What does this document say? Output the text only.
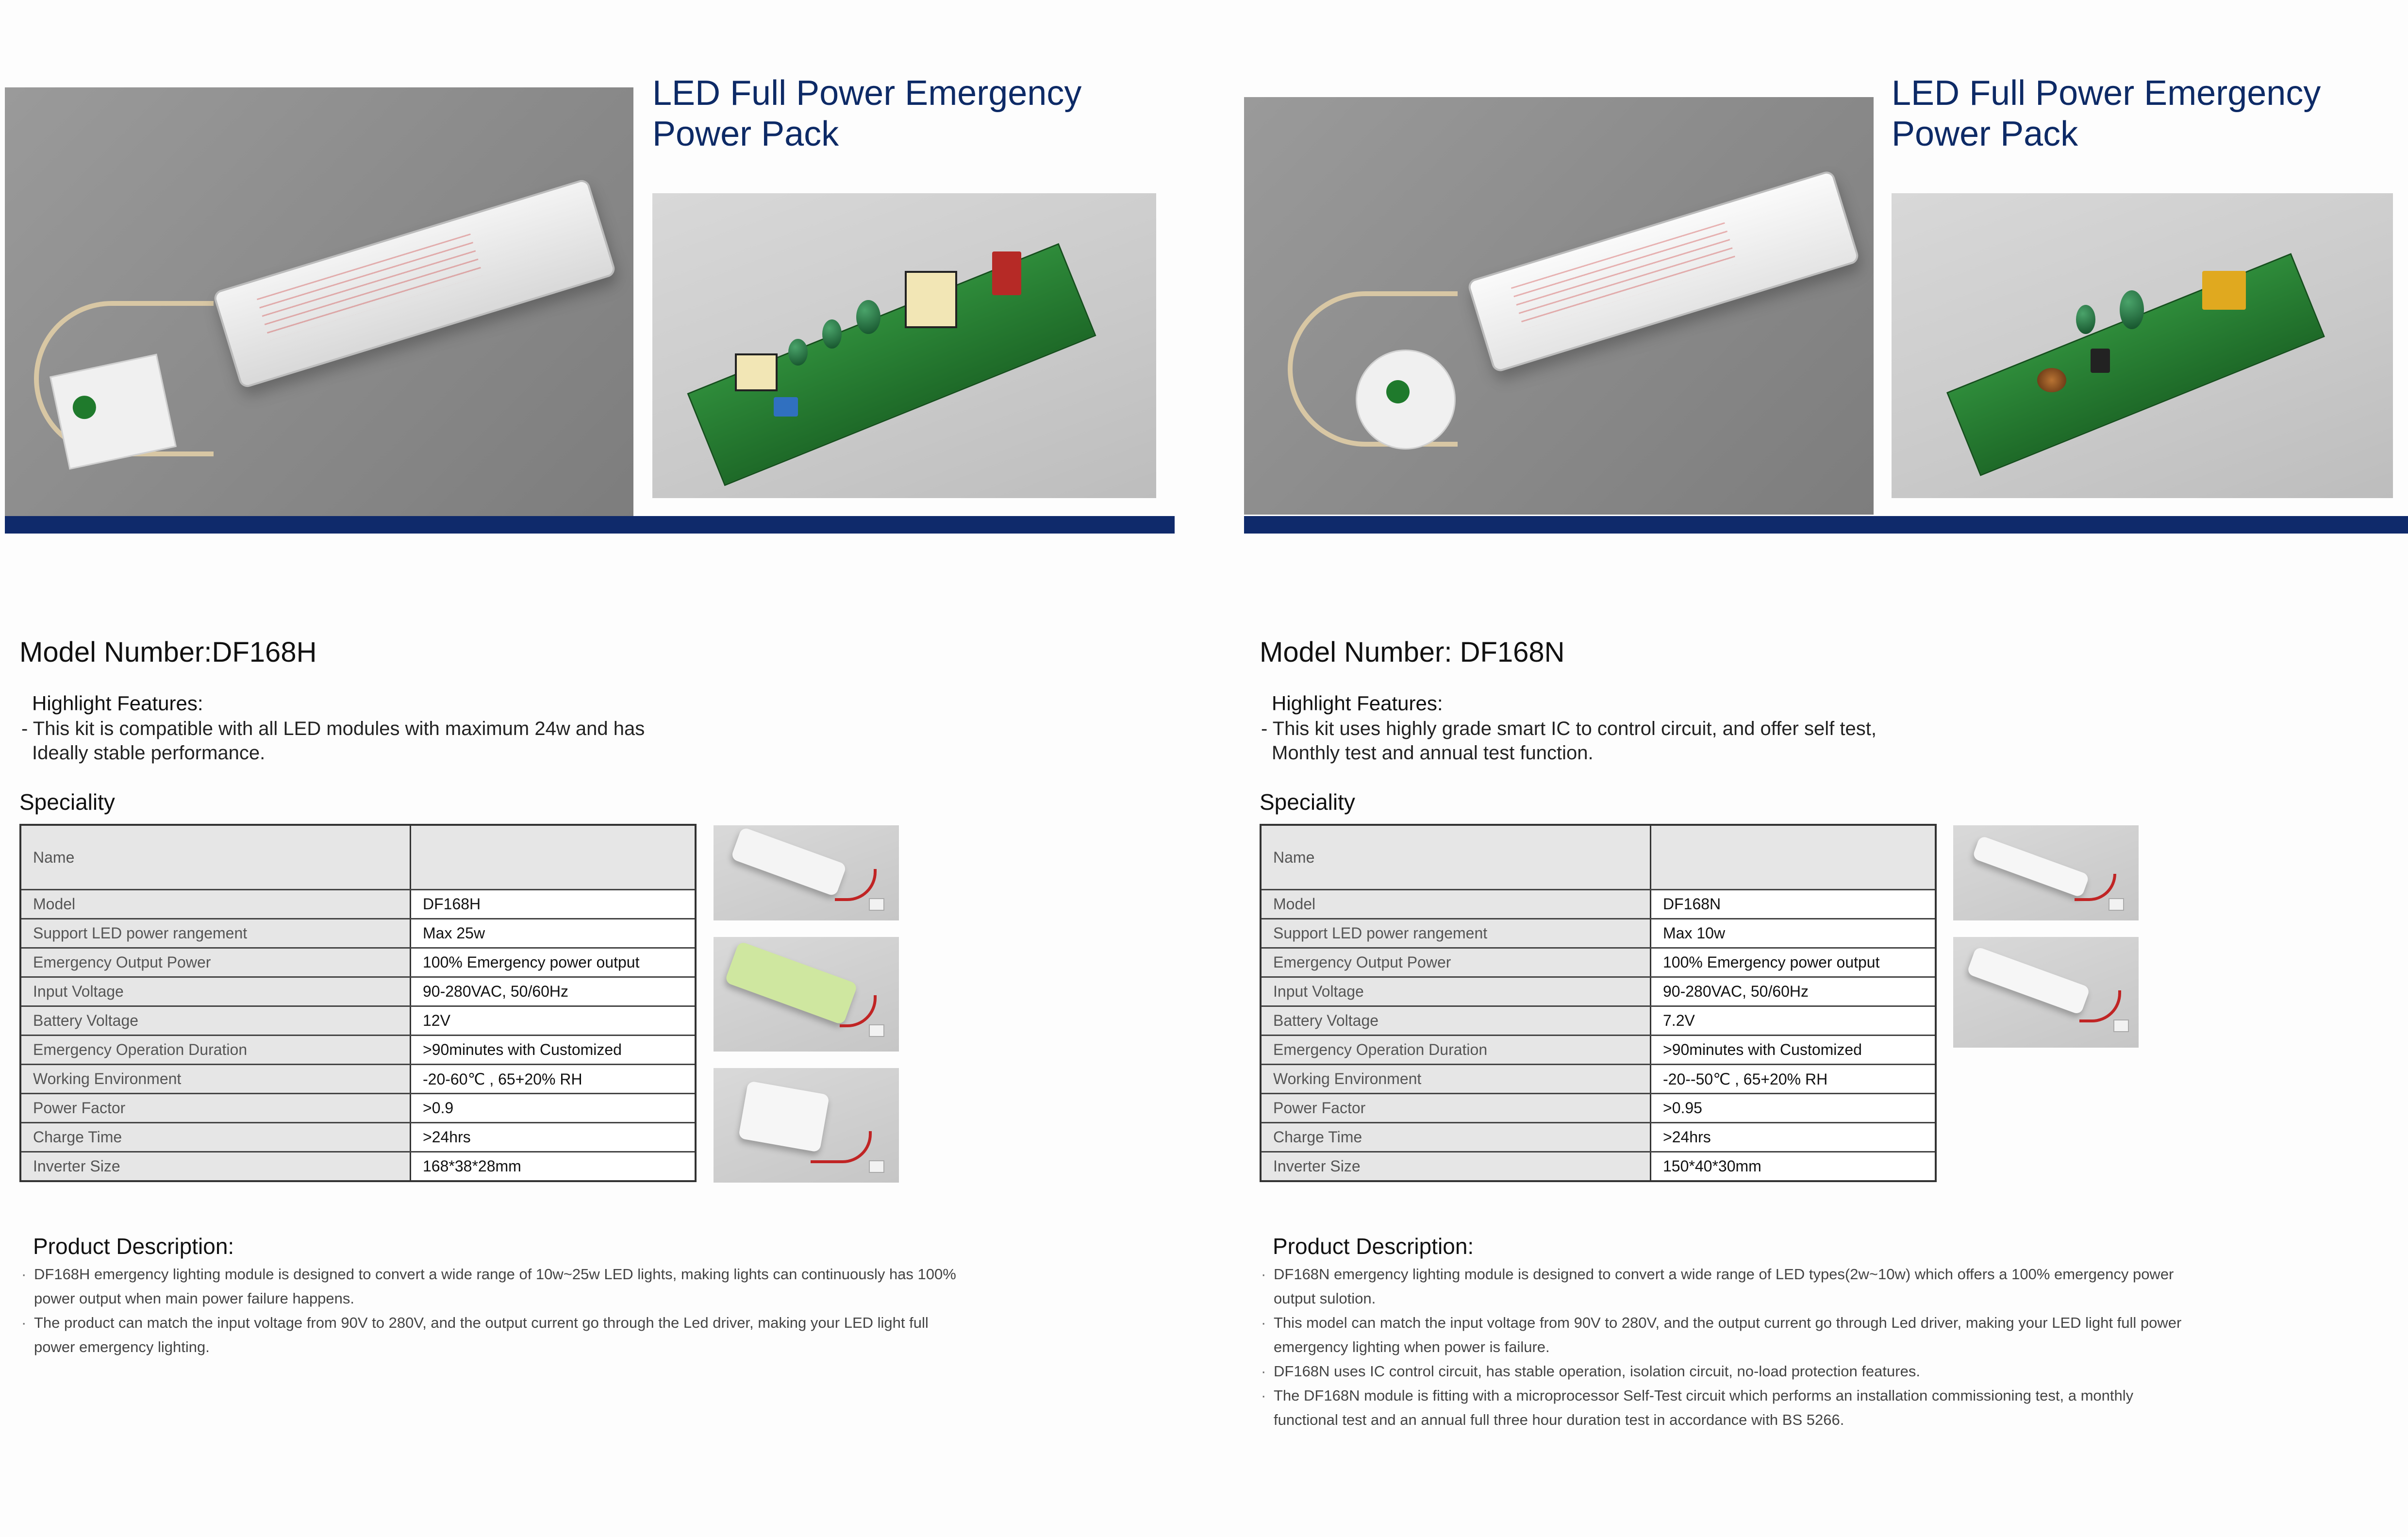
LED Full Power Emergency
Power Pack
Model Number:DF168H
Highlight Features:
- This kit is compatible with all LED modules with maximum 24w and has
Ideally stable performance.
Speciality
Name	
Model	DF168H
Support LED power rangement	Max 25w
Emergency Output Power	100% Emergency power output
Input Voltage	90-280VAC, 50/60Hz
Battery Voltage	12V
Emergency Operation Duration	>90minutes with Customized
Working Environment	-20-60℃ , 65+20% RH
Power Factor	>0.9
Charge Time	>24hrs
Inverter Size	168*38*28mm
Product Description:
· DF168H emergency lighting module is designed to convert a wide range of 10w~25w LED lights, making lights can continuously has 100%
power output when main power failure happens.
· The product can match the input voltage from 90V to 280V, and the output current go through the Led driver, making your LED light full
power emergency lighting.
LED Full Power Emergency
Power Pack
Model Number: DF168N
Highlight Features:
- This kit uses highly grade smart IC to control circuit, and offer self test,
Monthly test and annual test function.
Speciality
Name	
Model	DF168N
Support LED power rangement	Max 10w
Emergency Output Power	100% Emergency power output
Input Voltage	90-280VAC, 50/60Hz
Battery Voltage	7.2V
Emergency Operation Duration	>90minutes with Customized
Working Environment	-20--50℃ , 65+20% RH
Power Factor	>0.95
Charge Time	>24hrs
Inverter Size	150*40*30mm
Product Description:
· DF168N emergency lighting module is designed to convert a wide range of LED types(2w~10w) which offers a 100% emergency power
output sulotion.
· This model can match the input voltage from 90V to 280V, and the output current go through Led driver, making your LED light full power
emergency lighting when power is failure.
· DF168N uses IC control circuit, has stable operation, isolation circuit, no-load protection features.
· The DF168N module is fitting with a microprocessor Self-Test circuit which performs an installation commissioning test, a monthly
functional test and an annual full three hour duration test in accordance with BS 5266.
